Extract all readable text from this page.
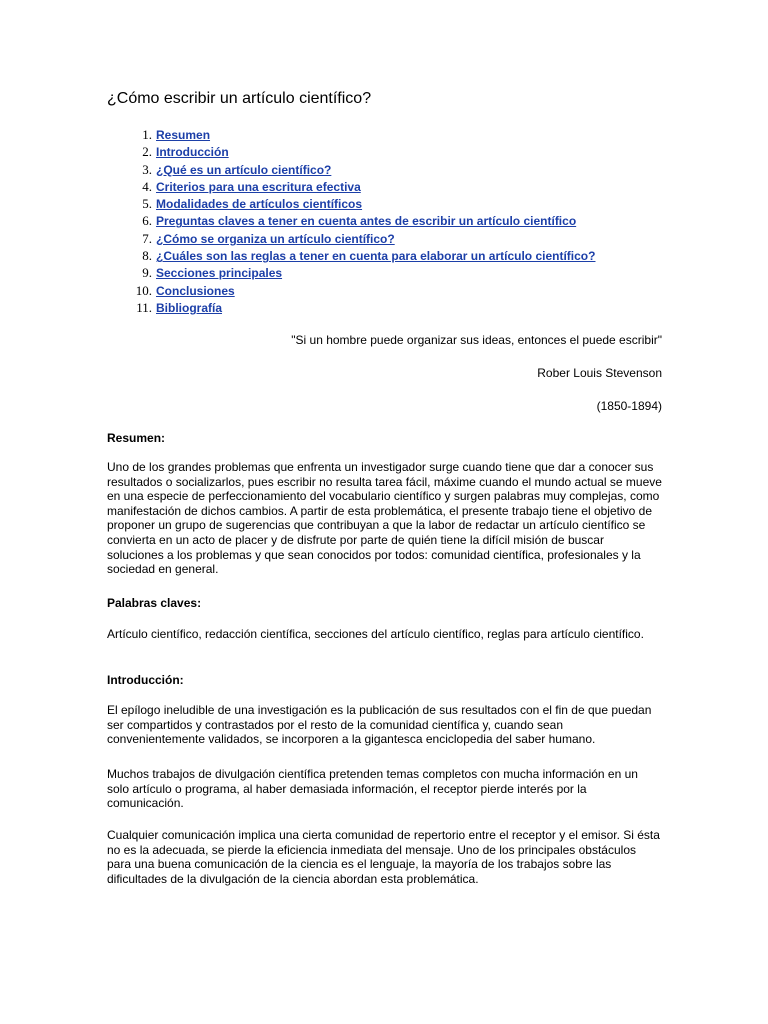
¿Cómo escribir un artículo científico?
1. Resumen
2. Introducción
3. ¿Qué es un artículo científico?
4. Criterios para una escritura efectiva
5. Modalidades de artículos científicos
6. Preguntas claves a tener en cuenta antes de escribir un artículo científico
7. ¿Cómo se organiza un artículo científico?
8. ¿Cuáles son las reglas a tener en cuenta para elaborar un artículo científico?
9. Secciones principales
10. Conclusiones
11. Bibliografía
"Si un hombre puede organizar sus ideas, entonces el puede escribir"
Rober Louis Stevenson
(1850-1894)

Resumen:

Uno de los grandes problemas que enfrenta un investigador surge cuando tiene que dar a conocer sus resultados o socializarlos, pues escribir no resulta tarea fácil, máxime cuando el mundo actual se mueve en una especie de perfeccionamiento del vocabulario científico y surgen palabras muy complejas, como manifestación de dichos cambios. A partir de esta problemática, el presente trabajo tiene el objetivo de proponer un grupo de sugerencias que contribuyan a que la labor de redactar un artículo científico se convierta en un acto de placer y de disfrute por parte de quién tiene la difícil misión de buscar soluciones a los problemas y que sean conocidos por todos: comunidad científica, profesionales y la sociedad en general.

Palabras claves:

Artículo científico, redacción científica, secciones del artículo científico, reglas para artículo científico.

Introducción:

El epílogo ineludible de una investigación es la publicación de sus resultados con el fin de que puedan ser compartidos y contrastados por el resto de la comunidad científica y, cuando sean convenientemente validados, se incorporen a la gigantesca enciclopedia del saber humano.

Muchos trabajos de divulgación científica pretenden temas completos con mucha información en un solo artículo o programa, al haber demasiada información, el receptor pierde interés por la comunicación.

Cualquier comunicación implica una cierta comunidad de repertorio entre el receptor y el emisor. Si ésta no es la adecuada, se pierde la eficiencia inmediata del mensaje. Uno de los principales obstáculos para una buena comunicación de la ciencia es el lenguaje, la mayoría de los trabajos sobre las dificultades de la divulgación de la ciencia abordan esta problemática.
